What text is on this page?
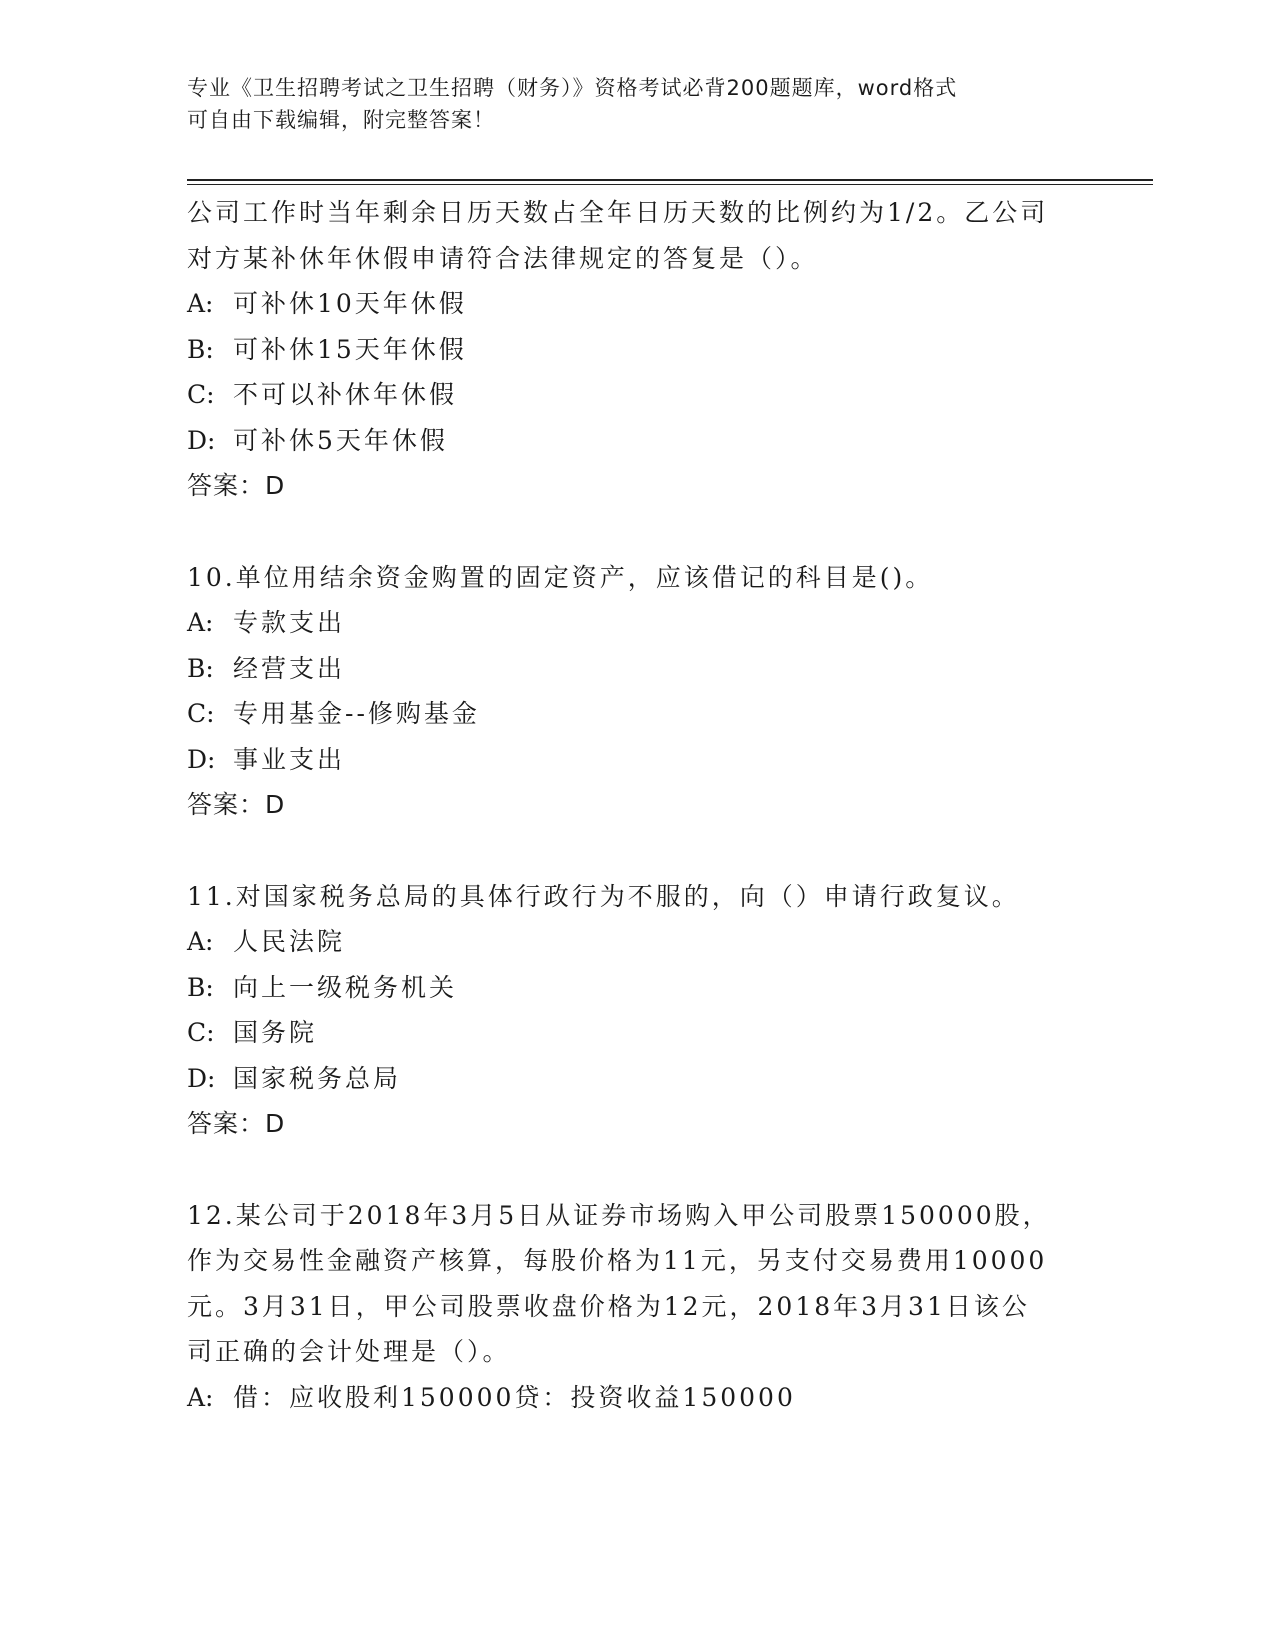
专业《卫生招聘考试之卫生招聘（财务）》资格考试必背200题题库，word格式
可自由下载编辑，附完整答案！
公司工作时当年剩余日历天数占全年日历天数的比例约为1/2。乙公司
对方某补休年休假申请符合法律规定的答复是（）。
A: 可补休10天年休假
B: 可补休15天年休假
C: 不可以补休年休假
D: 可补休5天年休假
答案：D
10.单位用结余资金购置的固定资产，应该借记的科目是()。
A: 专款支出
B: 经营支出
C: 专用基金--修购基金
D: 事业支出
答案：D
11.对国家税务总局的具体行政行为不服的，向（）申请行政复议。
A: 人民法院
B: 向上一级税务机关
C: 国务院
D: 国家税务总局
答案：D
12.某公司于2018年3月5日从证券市场购入甲公司股票150000股，
作为交易性金融资产核算，每股价格为11元，另支付交易费用10000
元。3月31日，甲公司股票收盘价格为12元，2018年3月31日该公
司正确的会计处理是（）。
A: 借：应收股利150000贷：投资收益150000
